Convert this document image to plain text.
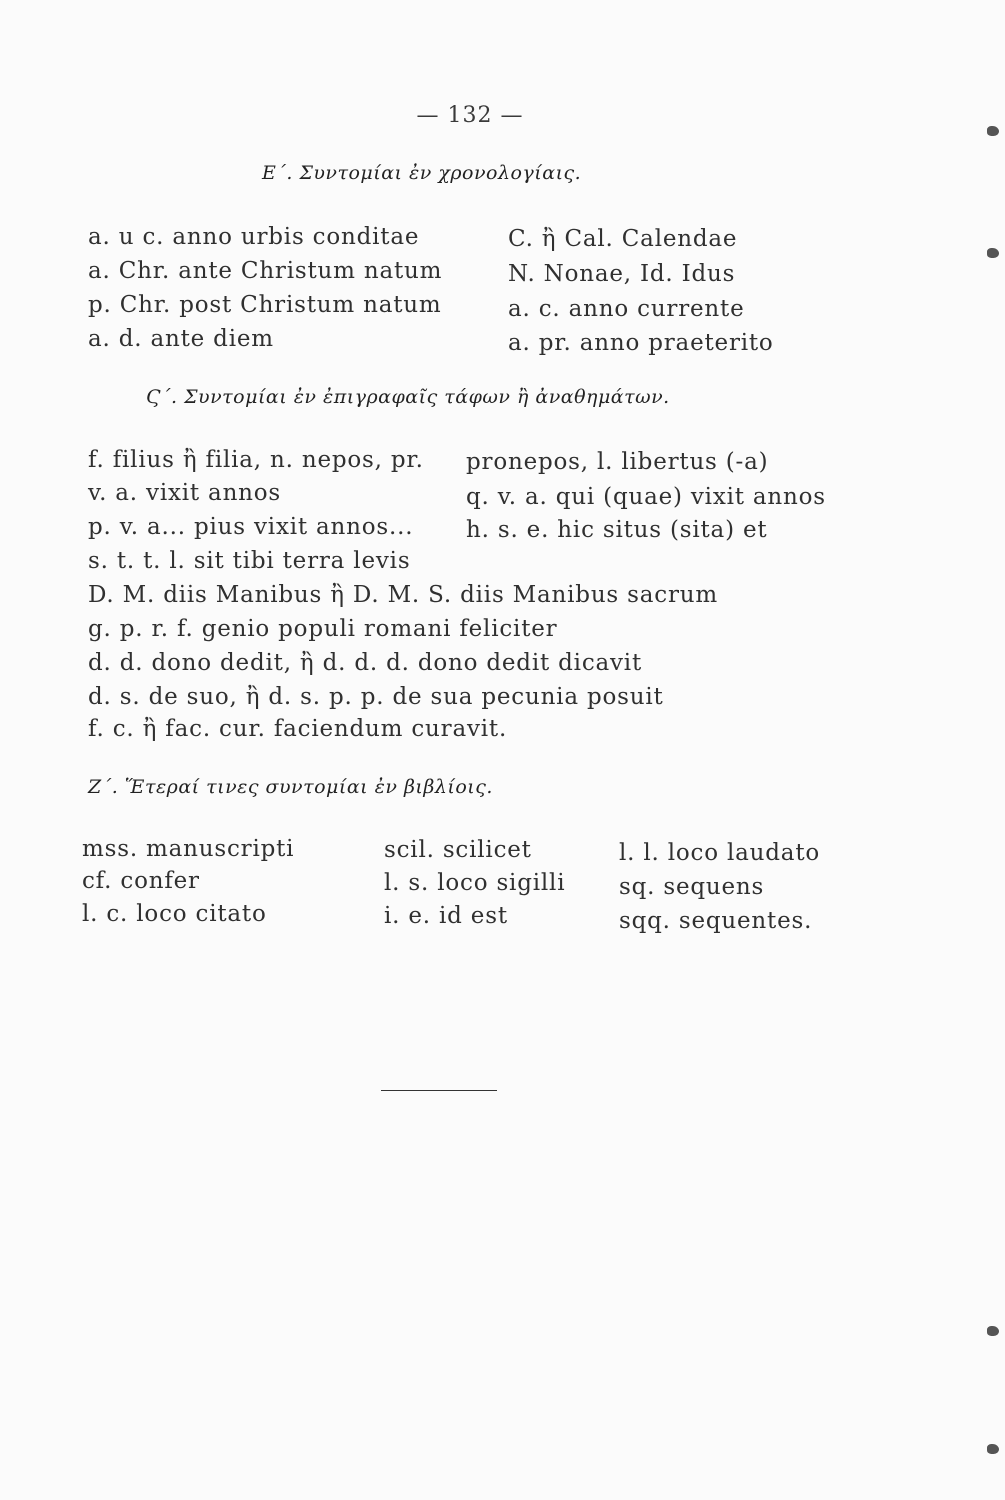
— 132 —
Ε΄. Συντομίαι ἐν χρονολογίαις.
a. u c. anno urbis conditae
a. Chr. ante Christum natum
p. Chr. post Christum natum
a. d. ante diem
C. ἢ Cal. Calendae
N. Nonae, Id. Idus
a. c. anno currente
a. pr. anno praeterito
Ϛ΄. Συντομίαι ἐν ἐπιγραφαῖς τάφων ἢ ἀναθημάτων.
f. filius ἢ filia, n. nepos, pr. pronepos, l. libertus (-a)
v. a. vixit annos	q. v. a. qui (quae) vixit annos
p. v. a... pius vixit annos... h. s. e. hic situs (sita) et
s. t. t. l. sit tibi terra levis
D. M. diis Manibus ἢ D. M. S. diis Manibus sacrum
g. p. r. f. genio populi romani feliciter
d. d. dono dedit, ἢ d. d. d. dono dedit dicavit
d. s. de suo, ἢ d. s. p. p. de sua pecunia posuit
f. c. ἢ fac. cur. faciendum curavit.
Ζ΄. Ἕτεραί τινες συντομίαι ἐν βιβλίοις.
mss. manuscripti
cf. confer
l. c. loco citato
scil. scilicet
l. s. loco sigilli
i. e. id est
l. l. loco laudato
sq. sequens
sqq. sequentes.
